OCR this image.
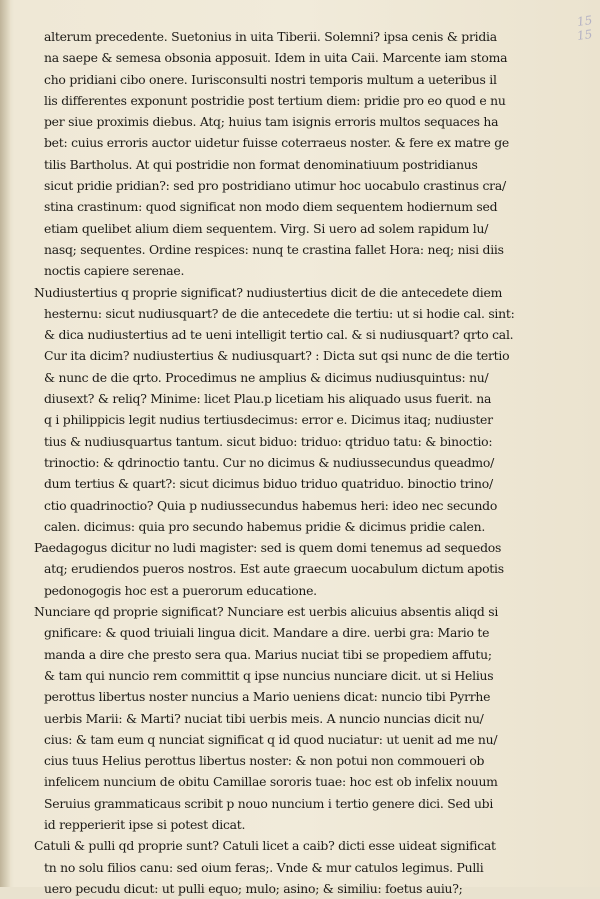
15
15
alterum precedente. Suetonius in uita Tiberii. Solemni? ipsa cenis & pridia
na saepe & semesa obsonia apposuit. Idem in uita Caii. Marcente iam stoma
cho pridiani cibo onere. Iurisconsulti nostri temporis multum a ueteribus il
lis differentes exponunt postridie post tertium diem: pridie pro eo quod e nu
per siue proximis diebus. Atq; huius tam isignis erroris multos sequaces ha
bet: cuius erroris auctor uidetur fuisse coterraeus noster. & fere ex matre ge
tilis Bartholus. At qui postridie non format denominatiuum postridianus
sicut pridie pridian?: sed pro postridiano utimur hoc uocabulo crastinus cra/
stina crastinum: quod significat non modo diem sequentem hodiernum sed
etiam quelibet alium diem sequentem. Virg. Si uero ad solem rapidum lu/
nasq; sequentes. Ordine respices: nunq te crastina fallet Hora: neq; nisi diis
noctis capiere serenae.
Nudiustertius q proprie significat? nudiustertius dicit de die antecedete diem
hesternu: sicut nudiusquart? de die antecedete die tertiu: ut si hodie cal. sint:
& dica nudiustertius ad te ueni intelligit tertio cal. & si nudiusquart? qrto cal.
Cur ita dicim? nudiustertius & nudiusquart? : Dicta sut qsi nunc de die tertio
& nunc de die qrto. Procedimus ne amplius & dicimus nudiusquintus: nu/
diusext? & reliq? Minime: licet Plau.p licetiam his aliquado usus fuerit. na
q i philippicis legit nudius tertiusdecimus: error e. Dicimus itaq; nudiuster
tius & nudiusquartus tantum. sicut biduo: triduo: qtriduo tatu: & binoctio:
trinoctio: & qdrinoctio tantu. Cur no dicimus & nudiussecundus queadmo/
dum tertius & quart?: sicut dicimus biduo triduo quatriduo. binoctio trino/
ctio quadrinoctio? Quia p nudiussecundus habemus heri: ideo nec secundo
calen. dicimus: quia pro secundo habemus pridie & dicimus pridie calen.
Paedagogus dicitur no ludi magister: sed is quem domi tenemus ad sequedos
atq; erudiendos pueros nostros. Est aute graecum uocabulum dictum apotis
pedonogogis hoc est a puerorum educatione.
Nunciare qd proprie significat? Nunciare est uerbis alicuius absentis aliqd si
gnificare: & quod triuiali lingua dicit. Mandare a dire. uerbi gra: Mario te
manda a dire che presto sera qua. Marius nuciat tibi se propediem affutu;
& tam qui nuncio rem committit q ipse nuncius nunciare dicit. ut si Helius
perottus libertus noster nuncius a Mario ueniens dicat: nuncio tibi Pyrrhe
uerbis Marii: & Marti? nuciat tibi uerbis meis. A nuncio nuncias dicit nu/
cius: & tam eum q nunciat significat q id quod nuciatur: ut uenit ad me nu/
cius tuus Helius perottus libertus noster: & non potui non commoueri ob
infelicem nuncium de obitu Camillae sororis tuae: hoc est ob infelix nouum
Seruius grammaticaus scribit p nouo nuncium i tertio genere dici. Sed ubi
id repperierit ipse si potest dicat.
Catuli & pulli qd proprie sunt? Catuli licet a caib? dicti esse uideat significat
tn no solu filios canu: sed oium feras;. Vnde & mur catulos legimus. Pulli
uero pecudu dicut: ut pulli equo; mulo; asino; & similiu: foetus auiu?;
